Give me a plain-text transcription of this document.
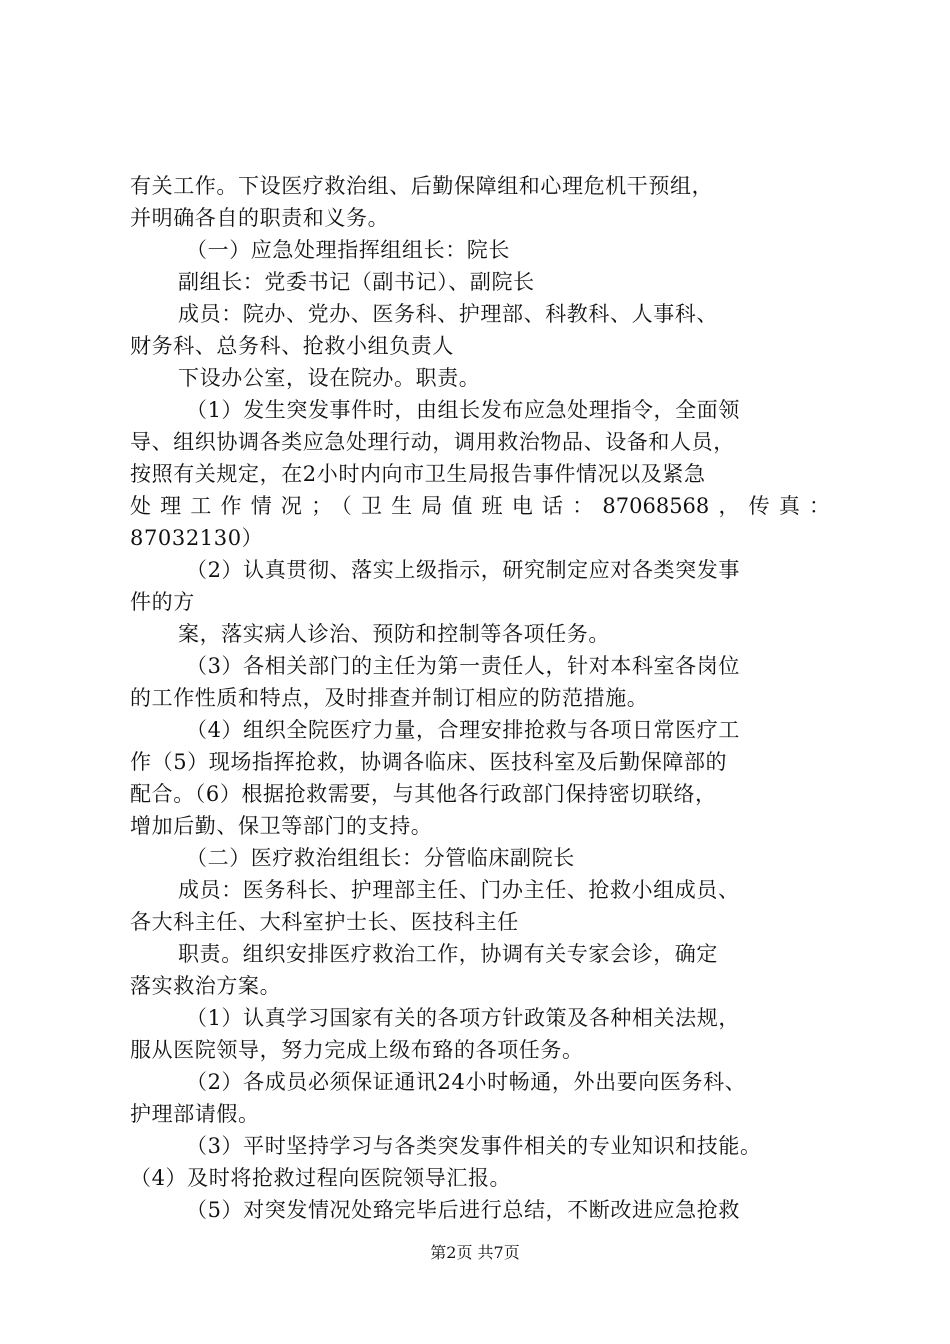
有关工作。下设医疗救治组、后勤保障组和心理危机干预组，
并明确各自的职责和义务。
（一）应急处理指挥组组长：院长
副组长：党委书记（副书记）、副院长
成员：院办、党办、医务科、护理部、科教科、人事科、
财务科、总务科、抢救小组负责人
下设办公室，设在院办。职责。
（1）发生突发事件时，由组长发布应急处理指令，全面领
导、组织协调各类应急处理行动，调用救治物品、设备和人员，
按照有关规定，在2小时内向市卫生局报告事件情况以及紧急
处理工作情况；（卫生局值班电话：87068568，传真：
87032130）
（2）认真贯彻、落实上级指示，研究制定应对各类突发事
件的方
案，落实病人诊治、预防和控制等各项任务。
（3）各相关部门的主任为第一责任人，针对本科室各岗位
的工作性质和特点，及时排查并制订相应的防范措施。
（4）组织全院医疗力量，合理安排抢救与各项日常医疗工
作（5）现场指挥抢救，协调各临床、医技科室及后勤保障部的
配合。（6）根据抢救需要，与其他各行政部门保持密切联络，
增加后勤、保卫等部门的支持。
（二）医疗救治组组长：分管临床副院长
成员：医务科长、护理部主任、门办主任、抢救小组成员、
各大科主任、大科室护士长、医技科主任
职责。组织安排医疗救治工作，协调有关专家会诊，确定
落实救治方案。
（1）认真学习国家有关的各项方针政策及各种相关法规，
服从医院领导，努力完成上级布臵的各项任务。
（2）各成员必须保证通讯24小时畅通，外出要向医务科、
护理部请假。
（3）平时坚持学习与各类突发事件相关的专业知识和技能。
（4）及时将抢救过程向医院领导汇报。
（5）对突发情况处臵完毕后进行总结，不断改进应急抢救
第2页 共7页
